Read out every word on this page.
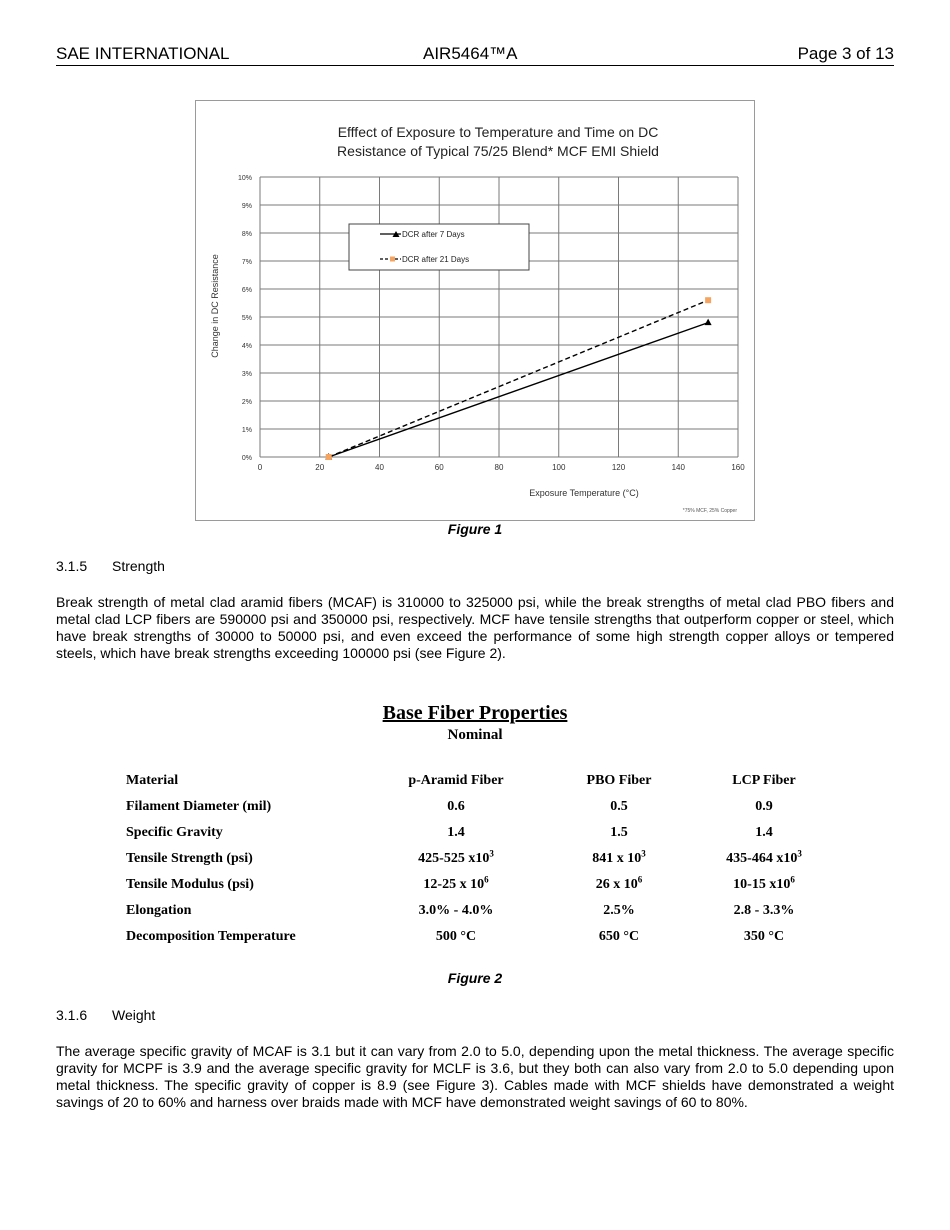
SAE INTERNATIONAL	AIR5464™A	Page 3 of 13
Efffect of Exposure to Temperature and Time on DC
Resistance of Typical 75/25 Blend* MCF EMI Shield
0%
1%
2%
3%
4%
5%
6%
7%
8%
9%
10%
0	20	40	60	80	100	120	140	160
Exposure Temperature (°C)
Change in DC Resistance
*75% MCF, 25% Copper
DCR after 7 Days
DCR after 21 Days
Figure 1
3.1.5 Strength
Break strength of metal clad aramid fibers (MCAF) is 310000 to 325000 psi, while the break strengths of metal clad PBO fibers and metal clad LCP fibers are 590000 psi and 350000 psi, respectively. MCF have tensile strengths that outperform copper or steel, which have break strengths of 30000 to 50000 psi, and even exceed the performance of some high strength copper alloys or tempered steels, which have break strengths exceeding 100000 psi (see Figure 2).
Base Fiber Properties
Nominal
Material	p-Aramid Fiber	PBO Fiber	LCP Fiber
Filament Diameter (mil)	0.6	0.5	0.9
Specific Gravity	1.4	1.5	1.4
Tensile Strength (psi)	425-525 $x10^3$	841 x $10^3$	435-464 $x10^3$
Tensile Modulus (psi)	12-25 x $10^6$	26 x $10^6$	10-15 $x10^6$
Elongation	3.0% - 4.0%	2.5%	2.8 - 3.3%
Decomposition Temperature	500 °C	650 °C	350 °C
Figure 2
3.1.6 Weight
The average specific gravity of MCAF is 3.1 but it can vary from 2.0 to 5.0, depending upon the metal thickness. The average specific gravity for MCPF is 3.9 and the average specific gravity for MCLF is 3.6, but they both can also vary from 2.0 to 5.0 depending upon metal thickness. The specific gravity of copper is 8.9 (see Figure 3). Cables made with MCF shields have demonstrated a weight savings of 20 to 60% and harness over braids made with MCF have demonstrated weight savings of 60 to 80%.
